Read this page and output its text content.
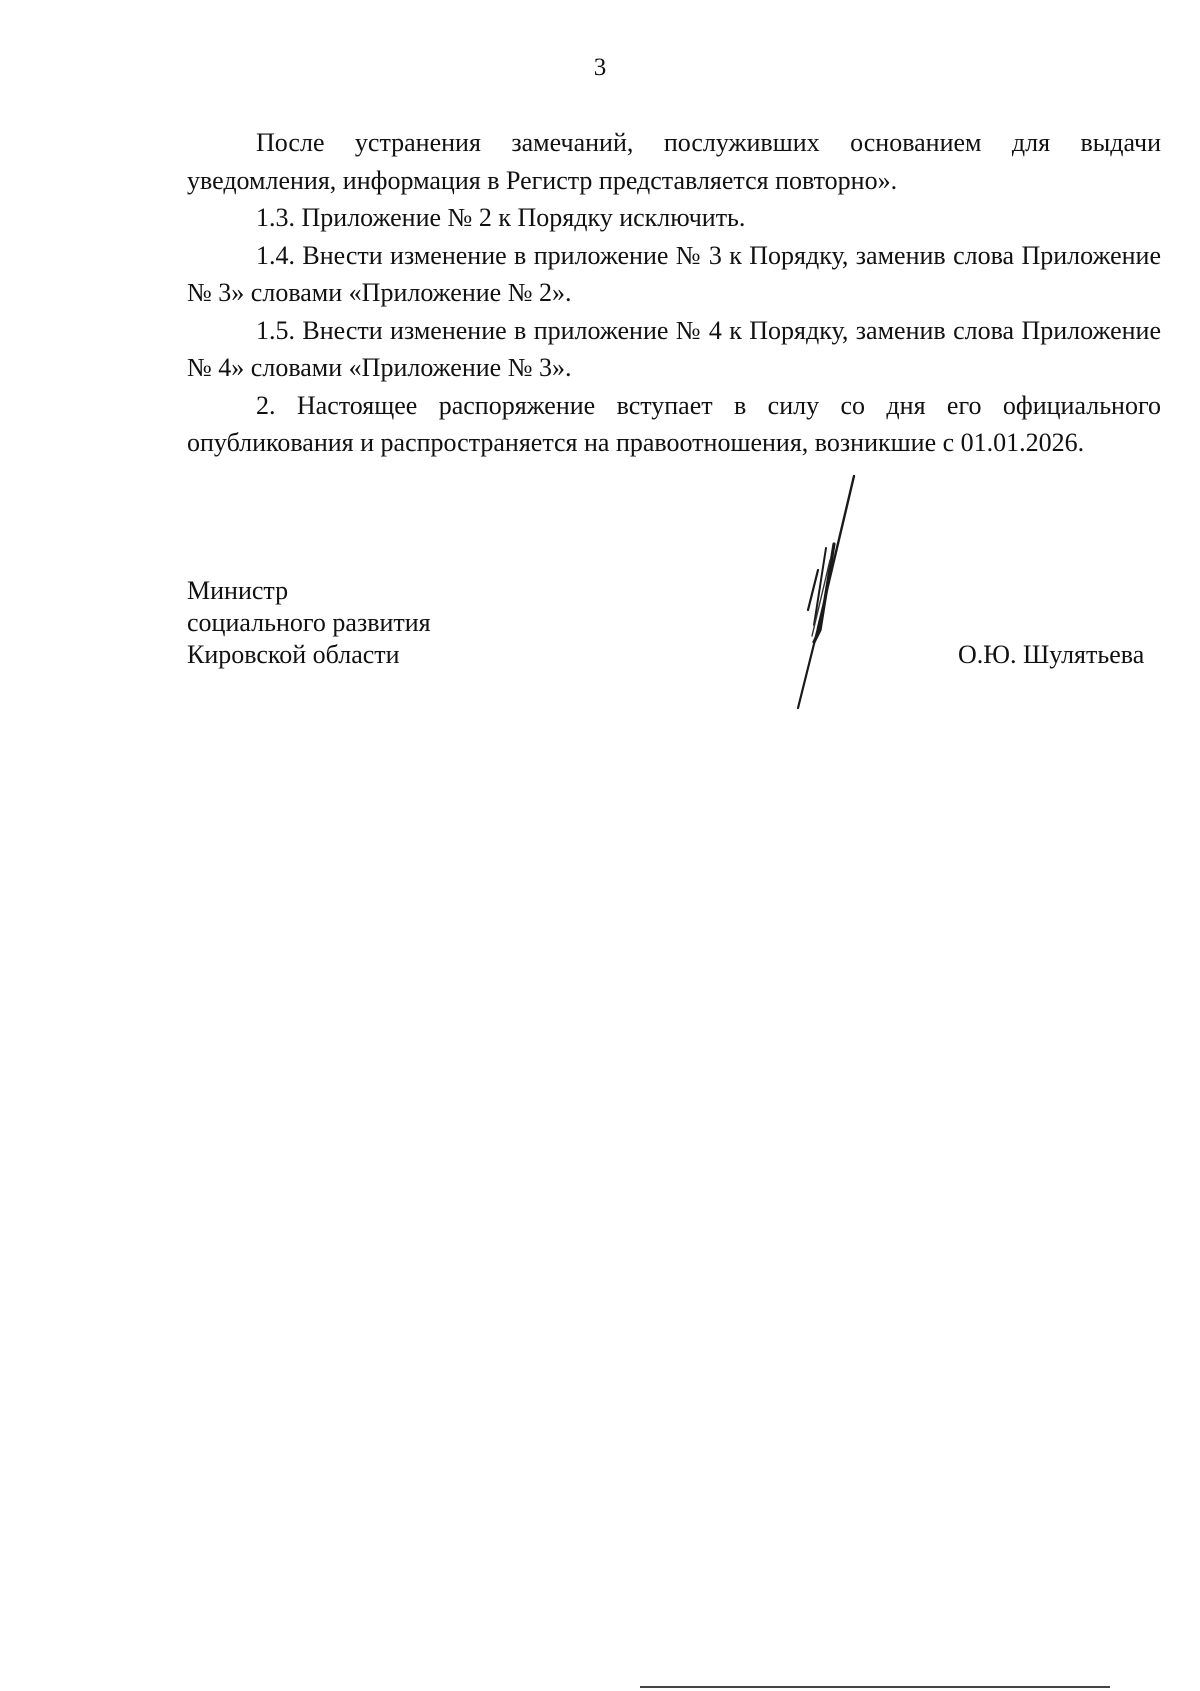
3

После устранения замечаний, послуживших основанием для выдачи уведомления, информация в Регистр представляется повторно».

1.3. Приложение № 2 к Порядку исключить.

1.4. Внести изменение в приложение № 3 к Порядку, заменив слова Приложение № 3» словами «Приложение № 2».

1.5. Внести изменение в приложение № 4 к Порядку, заменив слова Приложение № 4» словами «Приложение № 3».

2. Настоящее распоряжение вступает в силу со дня его официального опубликования и распространяется на правоотношения, возникшие с 01.01.2026.

Министр
социального развития
Кировской области	О.Ю. Шулятьева
